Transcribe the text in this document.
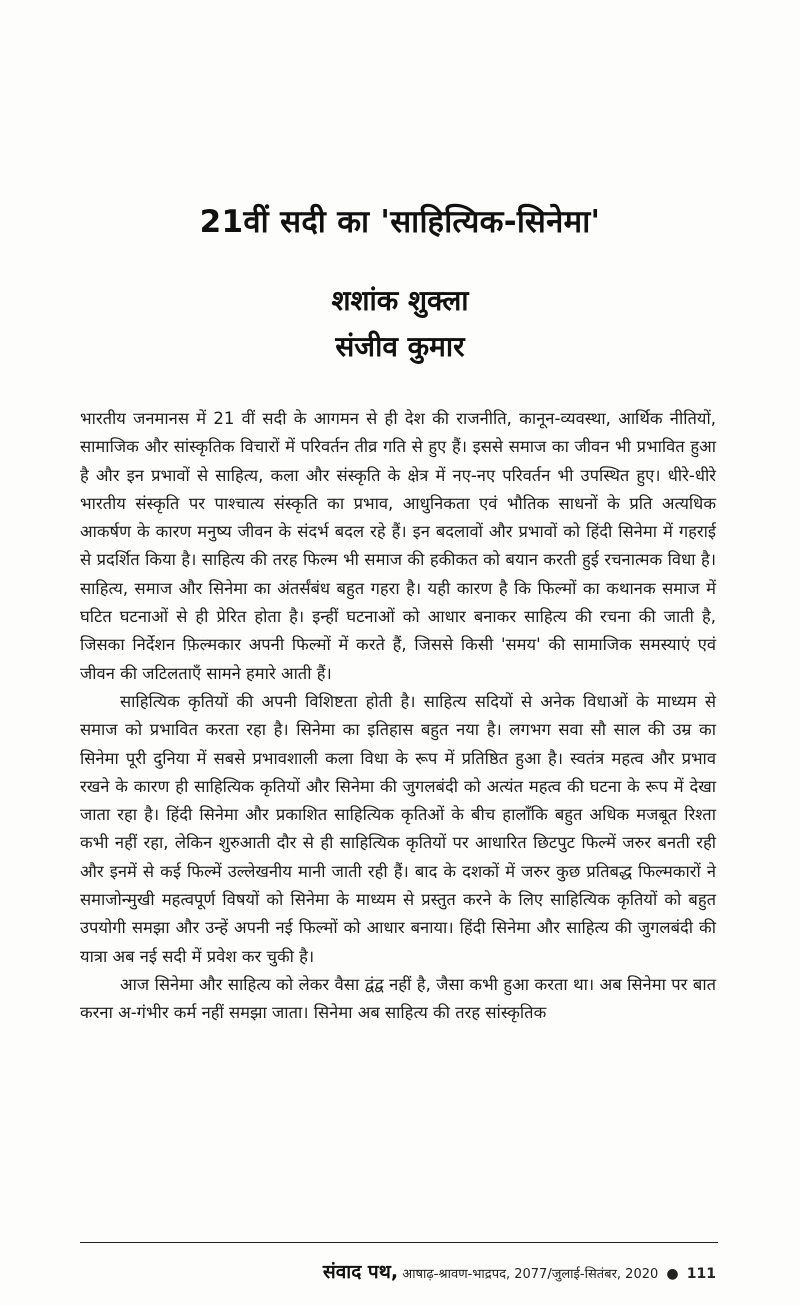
21वीं सदी का 'साहित्यिक-सिनेमा'
शशांक शुक्ला
संजीव कुमार

भारतीय जनमानस में 21 वीं सदी के आगमन से ही देश की राजनीति, कानून-व्यवस्था, आर्थिक नीतियों, सामाजिक और सांस्कृतिक विचारों में परिवर्तन तीव्र गति से हुए हैं। इससे समाज का जीवन भी प्रभावित हुआ है और इन प्रभावों से साहित्य, कला और संस्कृति के क्षेत्र में नए-नए परिवर्तन भी उपस्थित हुए। धीरे-धीरे भारतीय संस्कृति पर पाश्चात्य संस्कृति का प्रभाव, आधुनिकता एवं भौतिक साधनों के प्रति अत्यधिक आकर्षण के कारण मनुष्य जीवन के संदर्भ बदल रहे हैं। इन बदलावों और प्रभावों को हिंदी सिनेमा में गहराई से प्रदर्शित किया है। साहित्य की तरह फिल्म भी समाज की हकीकत को बयान करती हुई रचनात्मक विधा है। साहित्य, समाज और सिनेमा का अंतर्संबंध बहुत गहरा है। यही कारण है कि फिल्मों का कथानक समाज में घटित घटनाओं से ही प्रेरित होता है। इन्हीं घटनाओं को आधार बनाकर साहित्य की रचना की जाती है, जिसका निर्देशन फ़िल्मकार अपनी फिल्मों में करते हैं, जिससे किसी 'समय' की सामाजिक समस्याएं एवं जीवन की जटिलताएँ सामने हमारे आती हैं।

साहित्यिक कृतियों की अपनी विशिष्टता होती है। साहित्य सदियों से अनेक विधाओं के माध्यम से समाज को प्रभावित करता रहा है। सिनेमा का इतिहास बहुत नया है। लगभग सवा सौ साल की उम्र का सिनेमा पूरी दुनिया में सबसे प्रभावशाली कला विधा के रूप में प्रतिष्ठित हुआ है। स्वतंत्र महत्व और प्रभाव रखने के कारण ही साहित्यिक कृतियों और सिनेमा की जुगलबंदी को अत्यंत महत्व की घटना के रूप में देखा जाता रहा है। हिंदी सिनेमा और प्रकाशित साहित्यिक कृतिओं के बीच हालाँकि बहुत अधिक मजबूत रिश्ता कभी नहीं रहा, लेकिन शुरुआती दौर से ही साहित्यिक कृतियों पर आधारित छिटपुट फिल्में जरुर बनती रही और इनमें से कई फिल्में उल्लेखनीय मानी जाती रही हैं। बाद के दशकों में जरुर कुछ प्रतिबद्ध फिल्मकारों ने समाजोन्मुखी महत्वपूर्ण विषयों को सिनेमा के माध्यम से प्रस्तुत करने के लिए साहित्यिक कृतियों को बहुत उपयोगी समझा और उन्हें अपनी नई फिल्मों को आधार बनाया। हिंदी सिनेमा और साहित्य की जुगलबंदी की यात्रा अब नई सदी में प्रवेश कर चुकी है।

आज सिनेमा और साहित्य को लेकर वैसा द्वंद्व नहीं है, जैसा कभी हुआ करता था। अब सिनेमा पर बात करना अ-गंभीर कर्म नहीं समझा जाता। सिनेमा अब साहित्य की तरह सांस्कृतिक

संवाद पथ, आषाढ़-श्रावण-भाद्रपद, 2077/जुलाई-सितंबर, 2020 ● 111
